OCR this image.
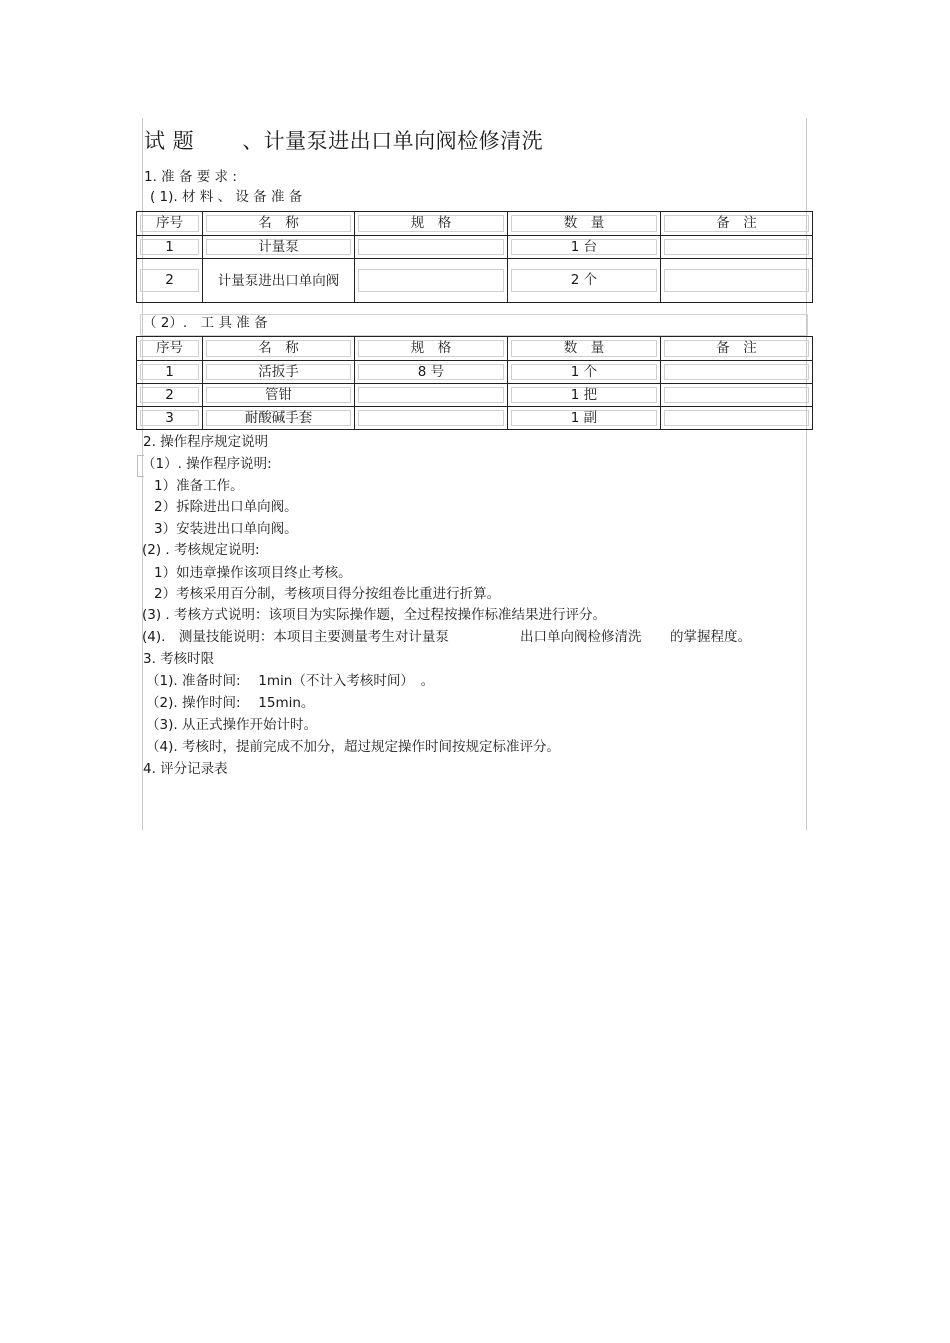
试 题 、计量泵进出口单向阀检修清洗
1. 准 备 要 求 :
( 1). 材 料 、 设 备 准 备
序号	名　称	规　格	数　量	备　注

1	计量泵		1 台	

2	计量泵进出口单向阀		2 个	

（ 2）.　工 具 准 备
序号	名　称	规　格	数　量	备　注

1	活扳手	8 号	1 个	

2	管钳		1 把	

3	耐酸碱手套		1 副	

2. 操作程序规定说明
（1）. 操作程序说明:
1）准备工作。
2）拆除进出口单向阀。
3）安装进出口单向阀。
(2) . 考核规定说明:
1）如违章操作该项目终止考核。
2）考核采用百分制，考核项目得分按组卷比重进行折算。
(3) . 考核方式说明：该项目为实际操作题，全过程按操作标准结果进行评分。
(4).　测量技能说明：本项目主要测量考生对计量泵	出口单向阀检修清洗 的掌握程度。
3. 考核时限
（1). 准备时间:　 1min（不计入考核时间）　。
（2). 操作时间:　 15min。
（3). 从正式操作开始计时。
（4). 考核时，提前完成不加分，超过规定操作时间按规定标准评分。
4. 评分记录表
